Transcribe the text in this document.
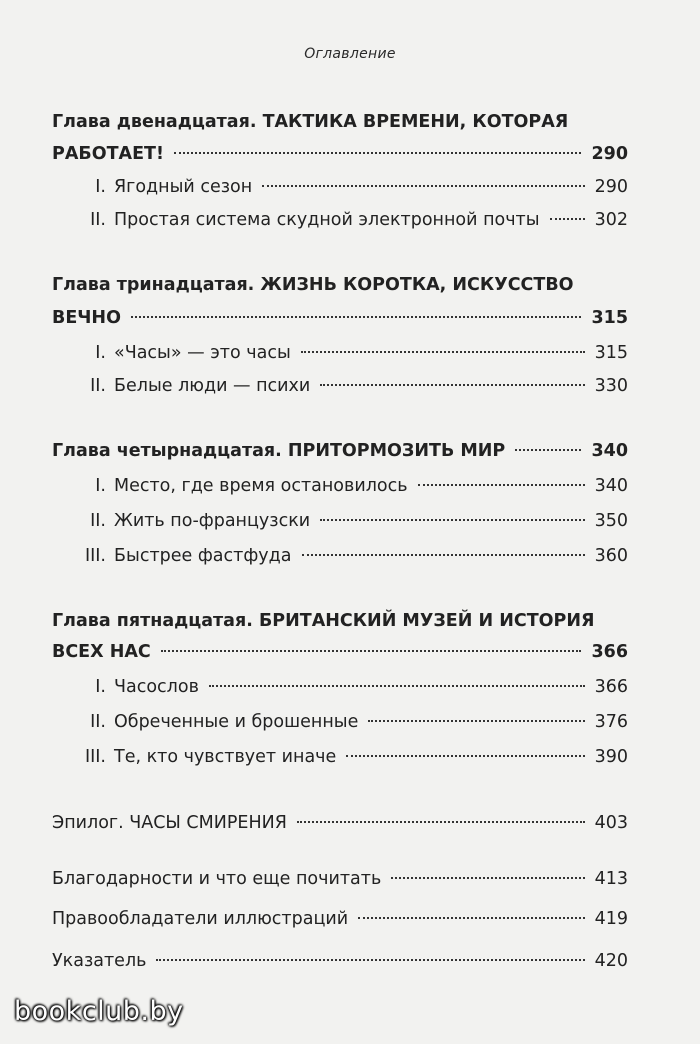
Оглавление
Глава двенадцатая. ТАКТИКА ВРЕМЕНИ, КОТОРАЯ
РАБОТАЕТ!	290
I. Ягодный сезон	290
II. Простая система скудной электронной почты	302
Глава тринадцатая. ЖИЗНЬ КОРОТКА, ИСКУССТВО
ВЕЧНО	315
I. «Часы» — это часы	315
II. Белые люди — психи	330
Глава четырнадцатая. ПРИТОРМОЗИТЬ МИР	340
I. Место, где время остановилось	340
II. Жить по-французски	350
III. Быстрее фастфуда	360
Глава пятнадцатая. БРИТАНСКИЙ МУЗЕЙ И ИСТОРИЯ
ВСЕХ НАС	366
I. Часослов	366
II. Обреченные и брошенные	376
III. Те, кто чувствует иначе	390
Эпилог. ЧАСЫ СМИРЕНИЯ	403
Благодарности и что еще почитать	413
Правообладатели иллюстраций	419
Указатель	420
bookclub.by
